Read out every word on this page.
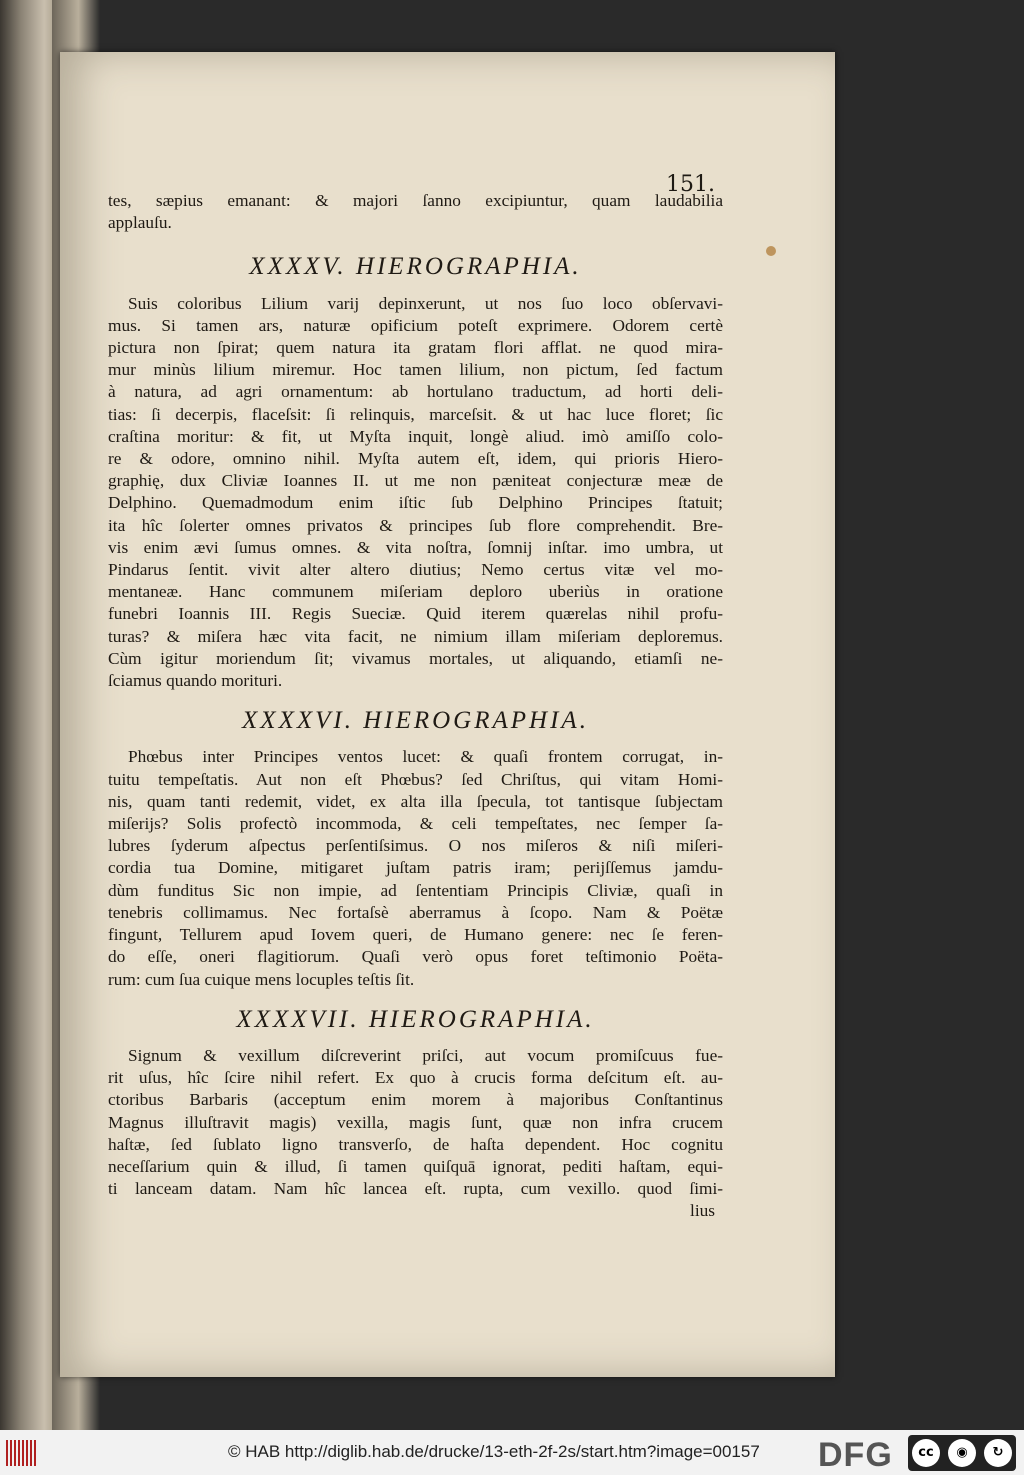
151.
tes, sæpius emanant: & majori ſanno excipiuntur, quam laudabilia
applauſu.
XXXXV. HIEROGRAPHIA.
Suis coloribus Lilium varij depinxerunt, ut nos ſuo loco obſervavi-
mus. Si tamen ars, naturæ opificium poteſt exprimere. Odorem certè
pictura non ſpirat; quem natura ita gratam flori afflat. ne quod mira-
mur minùs lilium miremur. Hoc tamen lilium, non pictum, ſed factum
à natura, ad agri ornamentum: ab hortulano traductum, ad horti deli-
tias: ſi decerpis, flaceſsit: ſi relinquis, marceſsit. & ut hac luce floret; ſic
craſtina moritur: & fit, ut Myſta inquit, longè aliud. imò amiſſo colo-
re & odore, omnino nihil. Myſta autem eſt, idem, qui prioris Hiero-
graphię, dux Cliviæ Ioannes II. ut me non pæniteat conjecturæ meæ de
Delphino. Quemadmodum enim iſtic ſub Delphino Principes ſtatuit;
ita hîc ſolerter omnes privatos & principes ſub flore comprehendit. Bre-
vis enim ævi ſumus omnes. & vita noſtra, ſomnij inſtar. imo umbra, ut
Pindarus ſentit. vivit alter altero diutius; Nemo certus vitæ vel mo-
mentaneæ. Hanc communem miſeriam deploro uberiùs in oratione
funebri Ioannis III. Regis Sueciæ. Quid iterem quærelas nihil profu-
turas? & miſera hæc vita facit, ne nimium illam miſeriam deploremus.
Cùm igitur moriendum ſit; vivamus mortales, ut aliquando, etiamſi ne-
ſciamus quando morituri.
XXXXVI. HIEROGRAPHIA.
Phœbus inter Principes ventos lucet: & quaſi frontem corrugat, in-
tuitu tempeſtatis. Aut non eſt Phœbus? ſed Chriſtus, qui vitam Homi-
nis, quam tanti redemit, videt, ex alta illa ſpecula, tot tantisque ſubjectam
miſerijs? Solis profectò incommoda, & celi tempeſtates, nec ſemper ſa-
lubres ſyderum aſpectus perſentiſsimus. O nos miſeros & niſi miſeri-
cordia tua Domine, mitigaret juſtam patris iram; perijſſemus jamdu-
dùm funditus Sic non impie, ad ſententiam Principis Cliviæ, quaſi in
tenebris collimamus. Nec fortaſsè aberramus à ſcopo. Nam & Poëtæ
fingunt, Tellurem apud Iovem queri, de Humano genere: nec ſe feren-
do eſſe, oneri flagitiorum. Quaſi verò opus foret teſtimonio Poëta-
rum: cum ſua cuique mens locuples teſtis ſit.
XXXXVII. HIEROGRAPHIA.
Signum & vexillum diſcreverint priſci, aut vocum promiſcuus fue-
rit uſus, hîc ſcire nihil refert. Ex quo à crucis forma deſcitum eſt. au-
ctoribus Barbaris (acceptum enim morem à majoribus Conſtantinus
Magnus illuſtravit magis) vexilla, magis ſunt, quæ non infra crucem
haſtæ, ſed ſublato ligno transverſo, de haſta dependent. Hoc cognitu
neceſſarium quin & illud, ſi tamen quiſquā ignorat, pediti haſtam, equi-
ti lanceam datam. Nam hîc lancea eſt. rupta, cum vexillo. quod ſimi-
lius
© HAB http://diglib.hab.de/drucke/13-eth-2f-2s/start.htm?image=00157 DFG	cc	◉	↻
